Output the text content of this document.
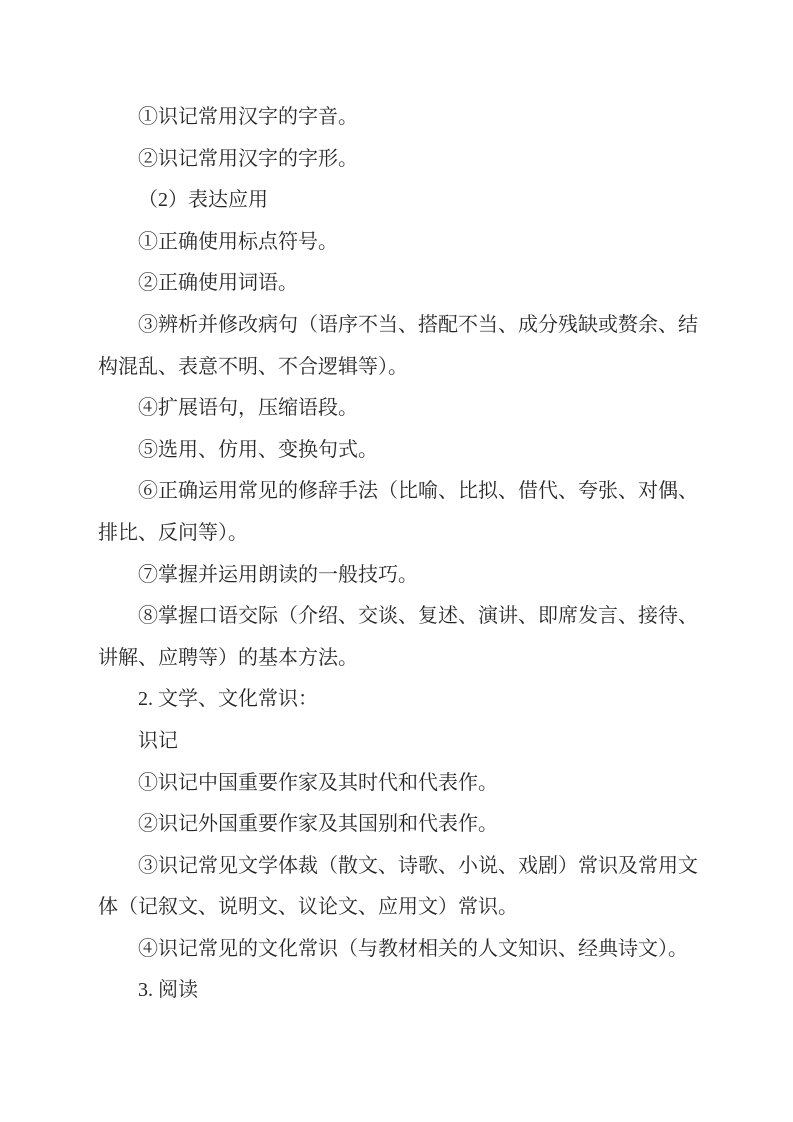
①识记常用汉字的字音。

②识记常用汉字的字形。

（2）表达应用

①正确使用标点符号。

②正确使用词语。

③辨析并修改病句（语序不当、搭配不当、成分残缺或赘余、结构混乱、表意不明、不合逻辑等）。

④扩展语句，压缩语段。

⑤选用、仿用、变换句式。

⑥正确运用常见的修辞手法（比喻、比拟、借代、夸张、对偶、排比、反问等）。

⑦掌握并运用朗读的一般技巧。

⑧掌握口语交际（介绍、交谈、复述、演讲、即席发言、接待、讲解、应聘等）的基本方法。

2. 文学、文化常识：

识记

①识记中国重要作家及其时代和代表作。

②识记外国重要作家及其国别和代表作。

③识记常见文学体裁（散文、诗歌、小说、戏剧）常识及常用文体（记叙文、说明文、议论文、应用文）常识。

④识记常见的文化常识（与教材相关的人文知识、经典诗文）。

3. 阅读
